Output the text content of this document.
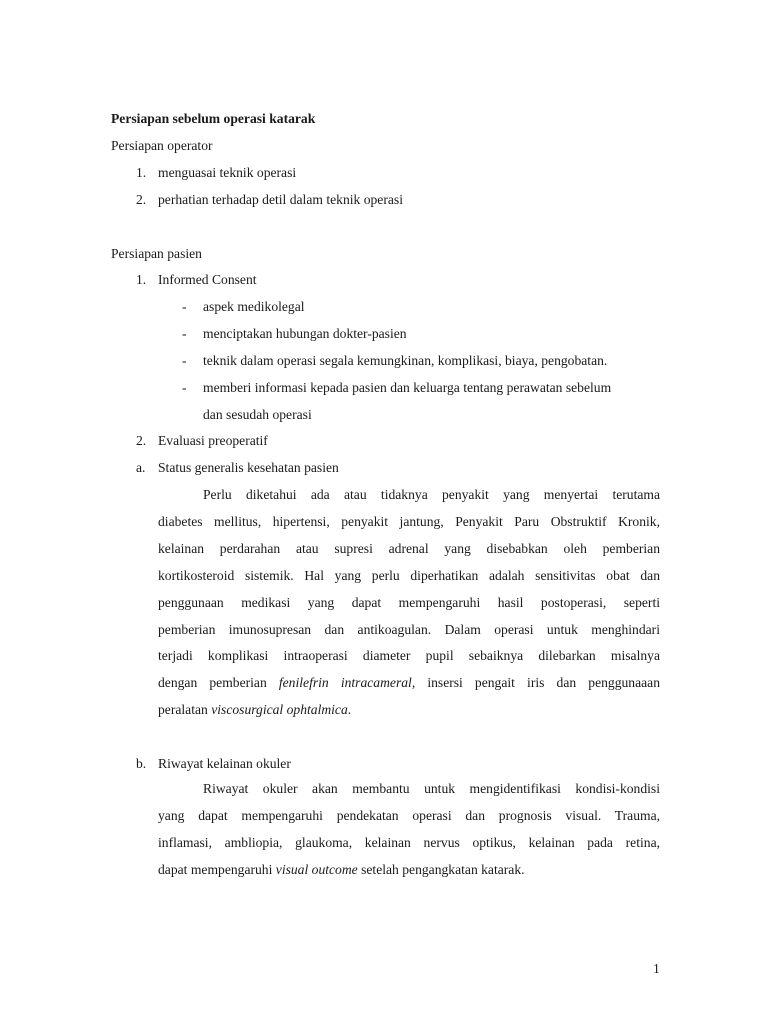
Persiapan sebelum operasi katarak
Persiapan operator
1. menguasai teknik operasi
2. perhatian terhadap detil dalam teknik operasi
Persiapan pasien
1. Informed Consent
- aspek medikolegal
- menciptakan hubungan dokter-pasien
- teknik dalam operasi segala kemungkinan, komplikasi, biaya, pengobatan.
- memberi informasi kepada pasien dan keluarga tentang perawatan sebelum
dan sesudah operasi
2. Evaluasi preoperatif
a. Status generalis kesehatan pasien
Perlu diketahui ada atau tidaknya penyakit yang menyertai terutama
diabetes mellitus, hipertensi, penyakit jantung, Penyakit Paru Obstruktif Kronik,
kelainan perdarahan atau supresi adrenal yang disebabkan oleh pemberian
kortikosteroid sistemik. Hal yang perlu diperhatikan adalah sensitivitas obat dan
penggunaan medikasi yang dapat mempengaruhi hasil postoperasi, seperti
pemberian imunosupresan dan antikoagulan. Dalam operasi untuk menghindari
terjadi komplikasi intraoperasi diameter pupil sebaiknya dilebarkan misalnya
dengan pemberian fenilefrin intracameral, insersi pengait iris dan penggunaaan
peralatan viscosurgical ophtalmica.
b. Riwayat kelainan okuler
Riwayat okuler akan membantu untuk mengidentifikasi kondisi-kondisi
yang dapat mempengaruhi pendekatan operasi dan prognosis visual. Trauma,
inflamasi, ambliopia, glaukoma, kelainan nervus optikus, kelainan pada retina,
dapat mempengaruhi visual outcome setelah pengangkatan katarak.
1
